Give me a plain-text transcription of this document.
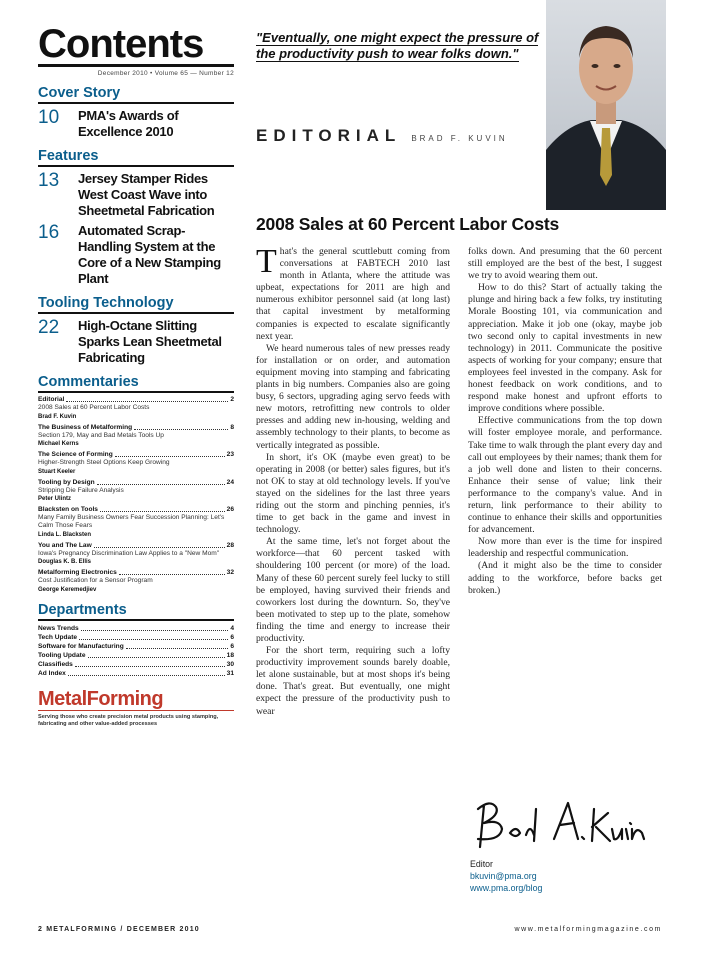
Contents
December 2010 • Volume 65 — Number 12
Cover Story
10	PMA's Awards of Excellence 2010
Features
13	Jersey Stamper Rides West Coast Wave into Sheetmetal Fabrication
16	Automated Scrap-Handling System at the Core of a New Stamping Plant
Tooling Technology
22	High-Octane Slitting Sparks Lean Sheetmetal Fabricating
Commentaries
Editorial	2
2008 Sales at 60 Percent Labor Costs
Brad F. Kuvin
The Business of Metalforming	8
Section 179, May and Bad Metals Tools Up
Michael Kerns
The Science of Forming	23
Higher-Strength Steel Options Keep Growing
Stuart Keeler
Tooling by Design	24
Stripping Die Failure Analysis
Peter Ulintz
Blacksten on Tools	26
Many Family Business Owners Fear Succession Planning: Let's Calm Those Fears
Linda L. Blacksten
You and The Law	28
Iowa's Pregnancy Discrimination Law Applies to a "New Mom"
Douglas K. B. Ellis
Metalforming Electronics	32
Cost Justification for a Sensor Program
George Keremedjiev
Departments
News Trends	4
Tech Update	6
Software for Manufacturing	6
Tooling Update	18
Classifieds	30
Ad Index	31
MetalForming
Serving those who create precision metal products using stamping, fabricating and other value-added processes
"Eventually, one might expect the pressure of the productivity push to wear folks down."
EDITORIAL BRAD F. KUVIN
2008 Sales at 60 Percent Labor Costs

That's the general scuttlebutt coming from conversations at FABTECH 2010 last month in Atlanta, where the attitude was upbeat, expectations for 2011 are high and numerous exhibitor personnel said (at long last) that capital investment by metalforming companies is expected to escalate significantly next year.

We heard numerous tales of new presses ready for installation or on order, and automation equipment moving into stamping and fabricating plants in big numbers. Companies also are going busy, 6 sectors, upgrading aging servo feeds with new motors, retrofitting new controls to older presses and adding new in-housing, welding and assembly technology to their plants, to become as vertically integrated as possible.

In short, it's OK (maybe even great) to be operating in 2008 (or better) sales figures, but it's not OK to stay at old technology levels. If you've stayed on the sidelines for the last three years riding out the storm and pinching pennies, it's time to get back in the game and invest in technology.

At the same time, let's not forget about the workforce—that 60 percent tasked with shouldering 100 percent (or more) of the load. Many of these 60 percent surely feel lucky to still be employed, having survived their friends and coworkers lost during the downturn. So, they've been motivated to step up to the plate, somehow finding the time and energy to increase their productivity.

For the short term, requiring such a lofty productivity improvement sounds barely doable, let alone sustainable, but at most shops it's being done. That's great. But eventually, one might expect the pressure of the productivity push to wear

folks down. And presuming that the 60 percent still employed are the best of the best, I suggest we try to avoid wearing them out.

How to do this? Start of actually taking the plunge and hiring back a few folks, try instituting Morale Boosting 101, via communication and appreciation. Make it job one (okay, maybe job two second only to capital investments in new technology) in 2011. Communicate the positive aspects of working for your company; ensure that employees feel invested in the company. Ask for honest feedback on work conditions, and to respond make honest and upfront efforts to improve conditions where possible.

Effective communications from the top down will foster employee morale, and performance. Take time to walk through the plant every day and call out employees by their names; thank them for a job well done and listen to their concerns. Enhance their sense of value; link their performance to the company's value. And in return, link performance to their ability to continue to enhance their skills and opportunities for advancement.

Now more than ever is the time for inspired leadership and respectful communication.

(And it might also be the time to consider adding to the workforce, before backs get broken.)

Editor
bkuvin@pma.org
www.pma.org/blog
2 METALFORMING / DECEMBER 2010	www.metalformingmagazine.com
